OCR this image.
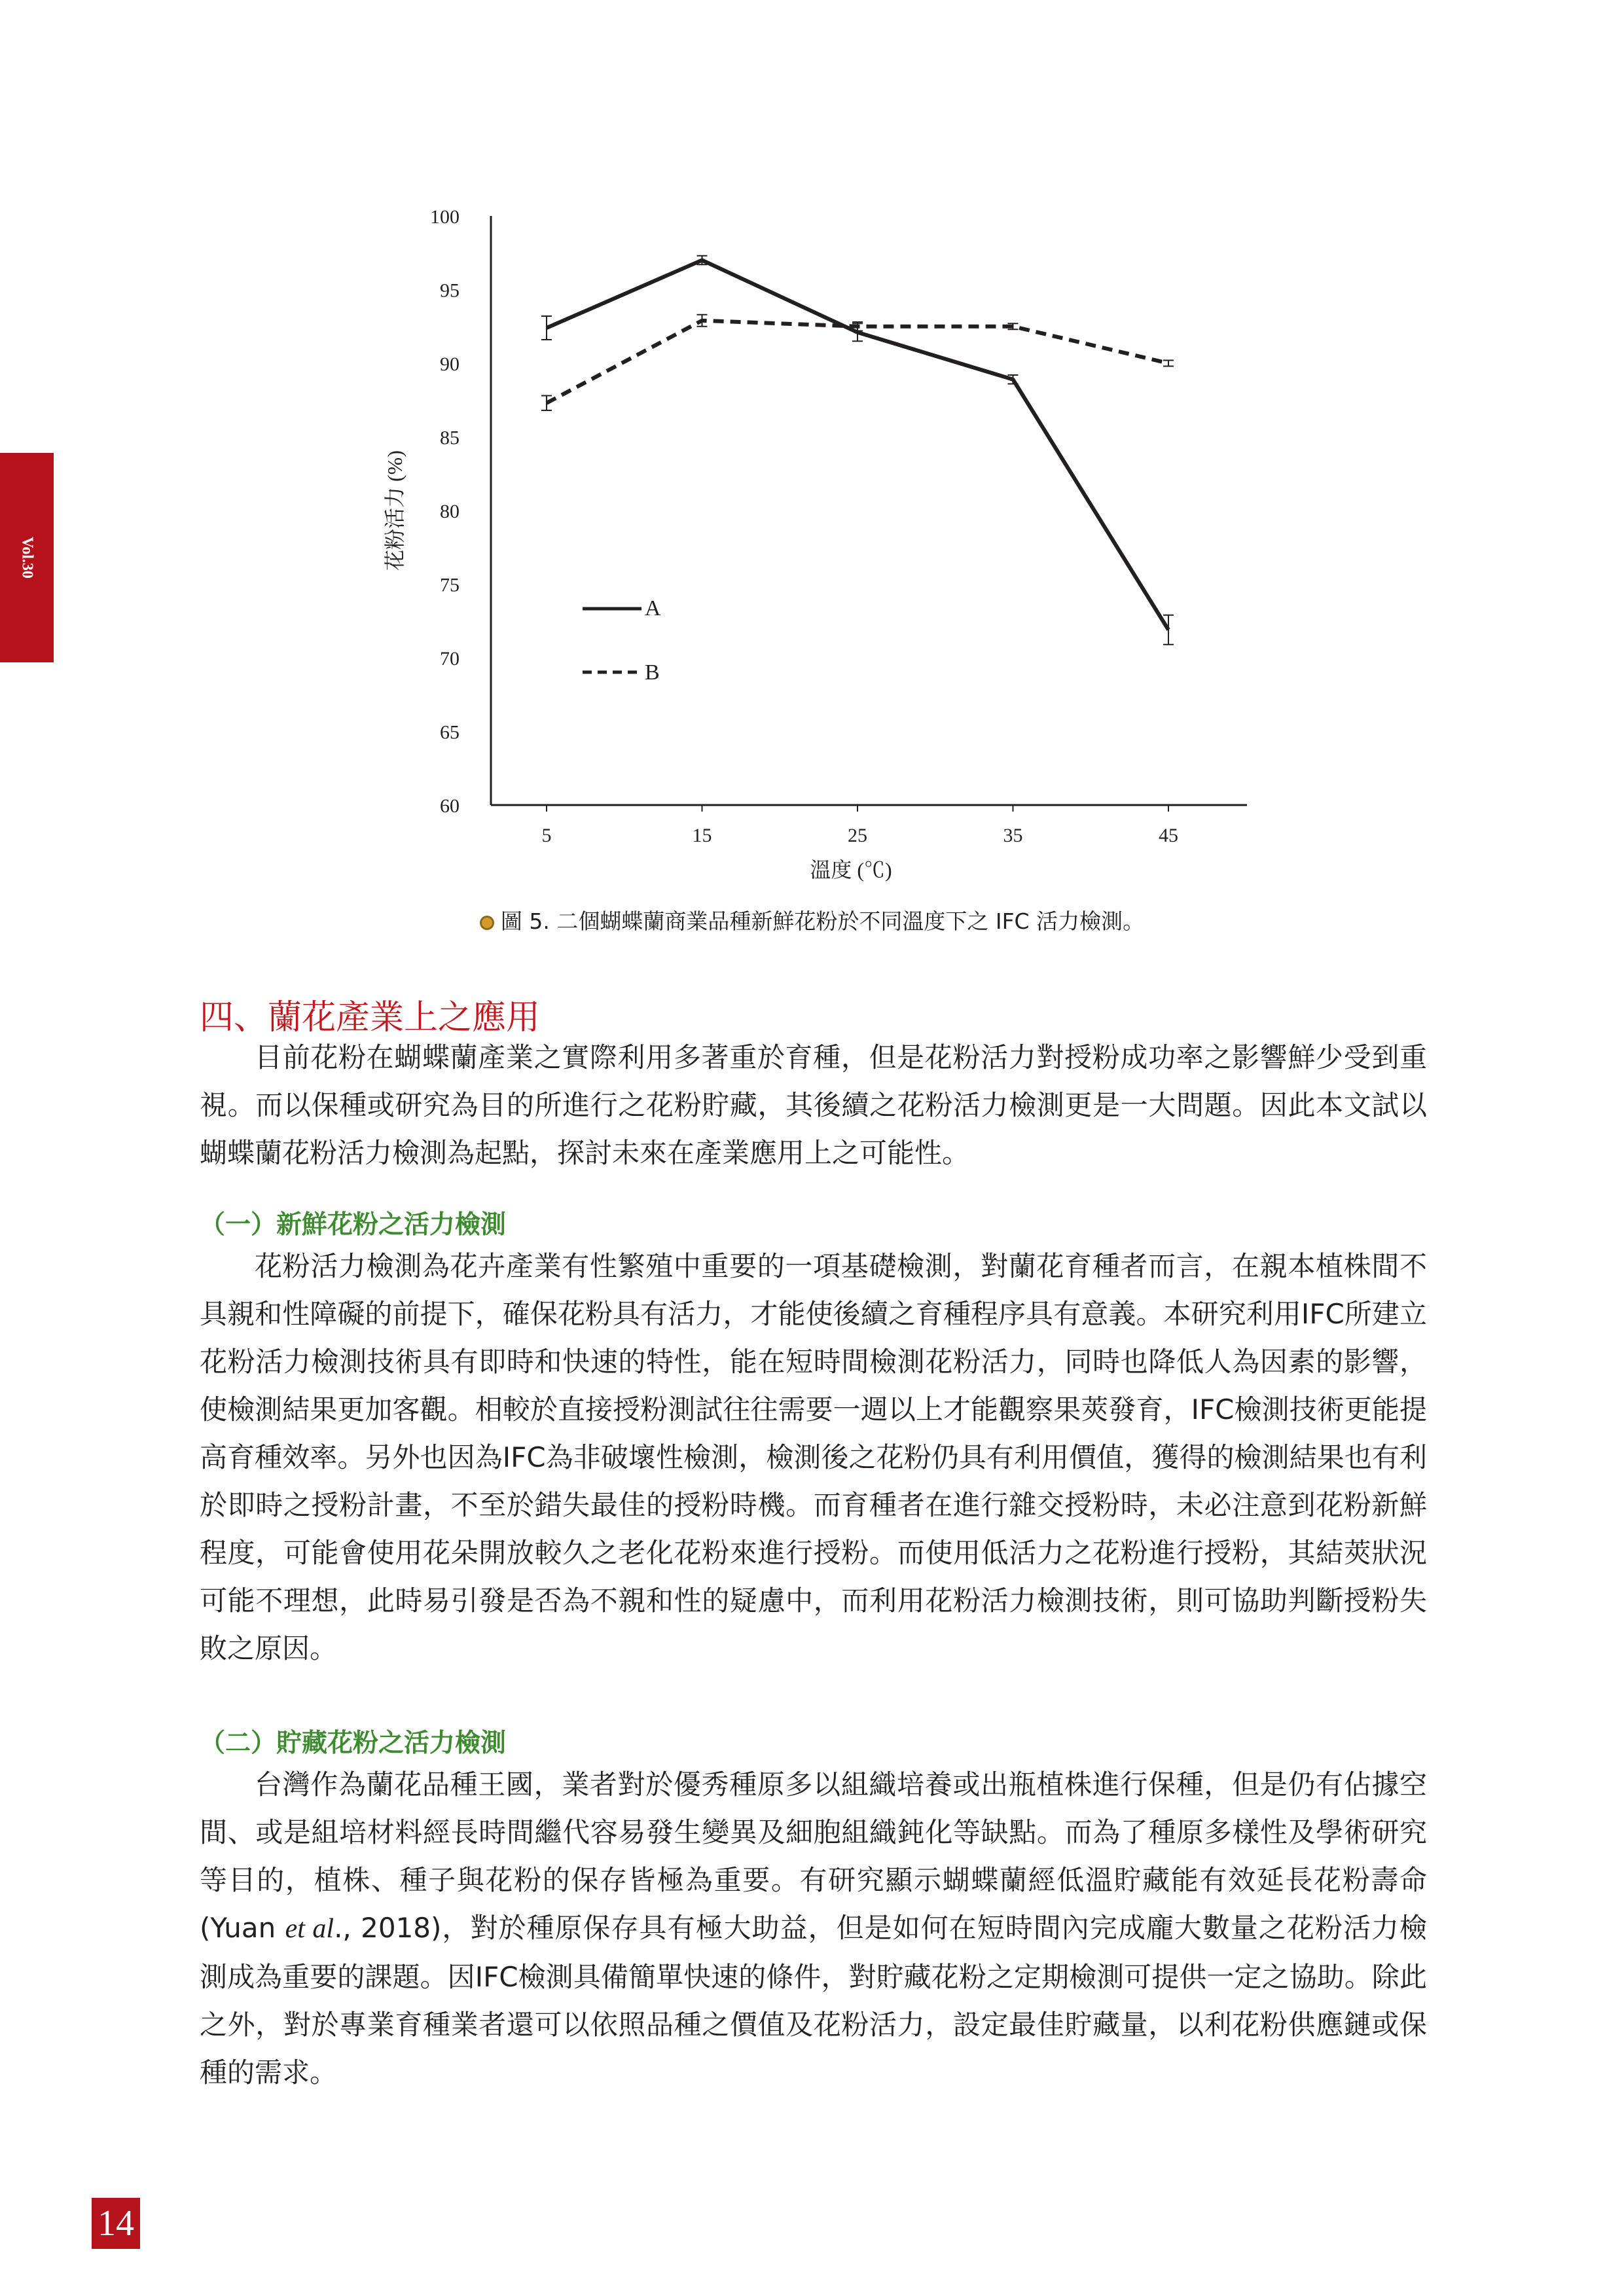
Vol.30
60
65
70
75
80
85
90
95
100
5	15	25	35	45
A
B
溫度 (℃)
花粉活力 (%)
圖 5. 二個蝴蝶蘭商業品種新鮮花粉於不同溫度下之 IFC 活力檢測。
四、蘭花產業上之應用

目前花粉在蝴蝶蘭產業之實際利用多著重於育種，但是花粉活力對授粉成功率之影響鮮少受到重視。而以保種或研究為目的所進行之花粉貯藏，其後續之花粉活力檢測更是一大問題。因此本文試以蝴蝶蘭花粉活力檢測為起點，探討未來在產業應用上之可能性。

（一）新鮮花粉之活力檢測

花粉活力檢測為花卉產業有性繁殖中重要的一項基礎檢測，對蘭花育種者而言，在親本植株間不具親和性障礙的前提下，確保花粉具有活力，才能使後續之育種程序具有意義。本研究利用IFC所建立花粉活力檢測技術具有即時和快速的特性，能在短時間檢測花粉活力，同時也降低人為因素的影響，使檢測結果更加客觀。相較於直接授粉測試往往需要一週以上才能觀察果莢發育，IFC檢測技術更能提高育種效率。另外也因為IFC為非破壞性檢測，檢測後之花粉仍具有利用價值，獲得的檢測結果也有利於即時之授粉計畫，不至於錯失最佳的授粉時機。而育種者在進行雜交授粉時，未必注意到花粉新鮮程度，可能會使用花朵開放較久之老化花粉來進行授粉。而使用低活力之花粉進行授粉，其結莢狀況可能不理想，此時易引發是否為不親和性的疑慮中，而利用花粉活力檢測技術，則可協助判斷授粉失敗之原因。

（二）貯藏花粉之活力檢測

台灣作為蘭花品種王國，業者對於優秀種原多以組織培養或出瓶植株進行保種，但是仍有佔據空間、或是組培材料經長時間繼代容易發生變異及細胞組織鈍化等缺點。而為了種原多樣性及學術研究等目的，植株、種子與花粉的保存皆極為重要。有研究顯示蝴蝶蘭經低溫貯藏能有效延長花粉壽命(Yuan et al., 2018)，對於種原保存具有極大助益，但是如何在短時間內完成龐大數量之花粉活力檢測成為重要的課題。因IFC檢測具備簡單快速的條件，對貯藏花粉之定期檢測可提供一定之協助。除此之外，對於專業育種業者還可以依照品種之價值及花粉活力，設定最佳貯藏量，以利花粉供應鏈或保種的需求。

14
